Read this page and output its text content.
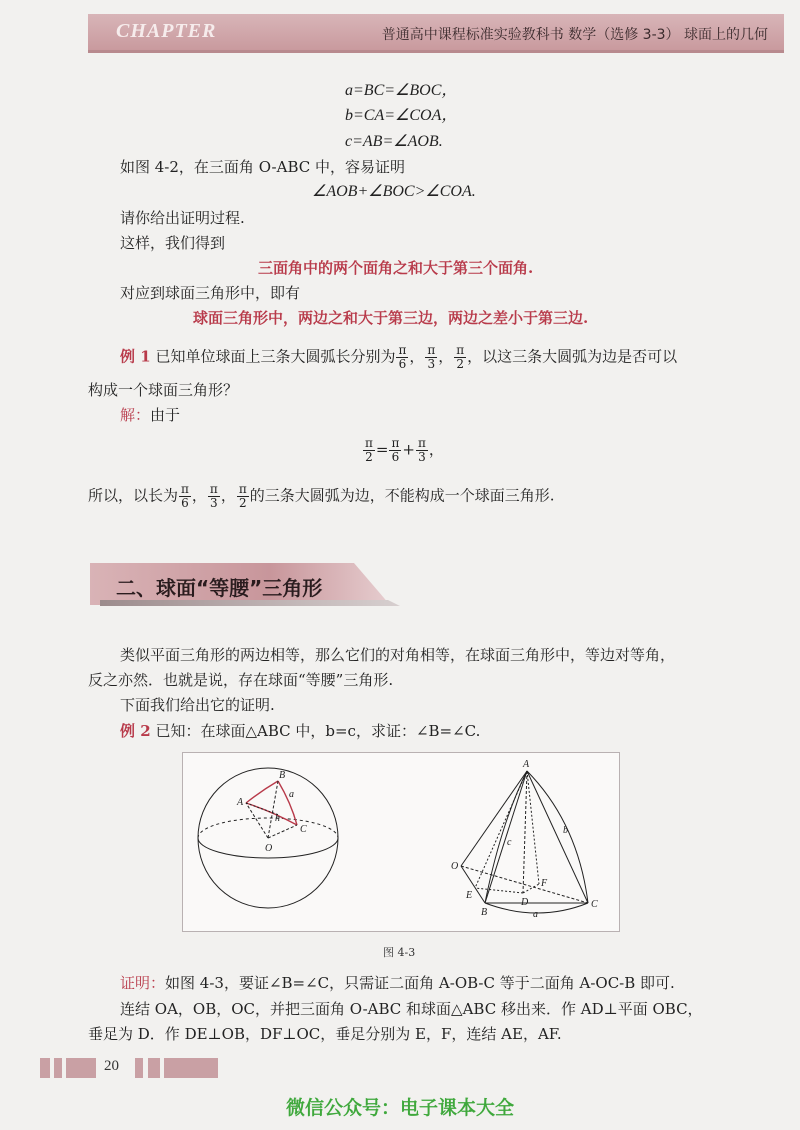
CHAPTER	普通高中课程标准实验教科书 数学（选修 3-3） 球面上的几何
a=BC=∠BOC，
b=CA=∠COA，
c=AB=∠AOB.
如图 4-2，在三面角 O-ABC 中，容易证明
∠AOB+∠BOC>∠COA.
请你给出证明过程.
这样，我们得到
三面角中的两个面角之和大于第三个面角.
对应到球面三角形中，即有
球面三角形中，两边之和大于第三边，两边之差小于第三边.
例 1 已知单位球面上三条大圆弧长分别为 $\frac{\pi}{6}$ ， $\frac{\pi}{3}$ ， $\frac{\pi}{2}$ ，以这三条大圆弧为边是否可以
构成一个球面三角形？
解：由于
$\frac{\pi}{2} = \frac{\pi}{6} + \frac{\pi}{3}$ ，
所以，以长为 $\frac{\pi}{6}$ ， $\frac{\pi}{3}$ ， $\frac{\pi}{2}$ 的三条大圆弧为边，不能构成一个球面三角形.
二、球面“等腰”三角形
类似平面三角形的两边相等，那么它们的对角相等，在球面三角形中，等边对等角，
反之亦然．也就是说，存在球面“等腰”三角形.
下面我们给出它的证明.
例 2 已知：在球面△ABC 中，b=c，求证：∠B=∠C.
A
B
C
O
a
h
A
O
E
B
D
F
C
a
b
c
图 4-3
证明：如图 4-3，要证∠B=∠C，只需证二面角 A-OB-C 等于二面角 A-OC-B 即可.
连结 OA，OB，OC，并把三面角 O-ABC 和球面△ABC 移出来．作 AD⊥平面 OBC，
垂足为 D．作 DE⊥OB，DF⊥OC，垂足分别为 E，F，连结 AE，AF.
20
微信公众号：电子课本大全
